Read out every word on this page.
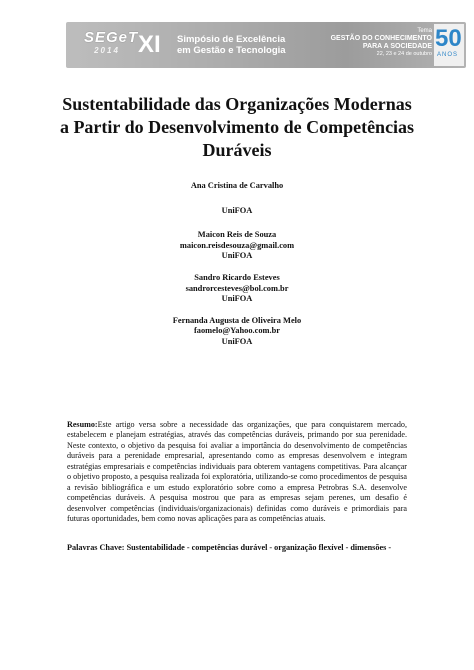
SEGeT
2014 XI Simpósio de Excelência
em Gestão e Tecnologia
Tema
GESTÃO DO CONHECIMENTO
PARA A SOCIEDADE
22, 23 e 24 de outubro
50
ANOS
Sustentabilidade das Organizações Modernas
a Partir do Desenvolvimento de Competências
Duráveis
Ana Cristina de Carvalho
UniFOA
Maicon Reis de Souza
maicon.reisdesouza@gmail.com
UniFOA
Sandro Ricardo Esteves
sandrorcesteves@bol.com.br
UniFOA
Fernanda Augusta de Oliveira Melo
faomelo@Yahoo.com.br
UniFOA
Resumo:Este artigo versa sobre a necessidade das organizações, que para conquistarem mercado, estabelecem e planejam estratégias, através das competências duráveis, primando por sua perenidade. Neste contexto, o objetivo da pesquisa foi avaliar a importância do desenvolvimento de competências duráveis para a perenidade empresarial, apresentando como as empresas desenvolvem e integram estratégias empresariais e competências individuais para obterem vantagens competitivas. Para alcançar o objetivo proposto, a pesquisa realizada foi exploratória, utilizando-se como procedimentos de pesquisa a revisão bibliográfica e um estudo exploratório sobre como a empresa Petrobras S.A. desenvolve competências duráveis. A pesquisa mostrou que para as empresas sejam perenes, um desafio é desenvolver competências (individuais/organizacionais) definidas como duráveis e primordiais para futuras oportunidades, bem como novas aplicações para as competências atuais.
Palavras Chave: Sustentabilidade - competências durável - organização flexível - dimensões -
